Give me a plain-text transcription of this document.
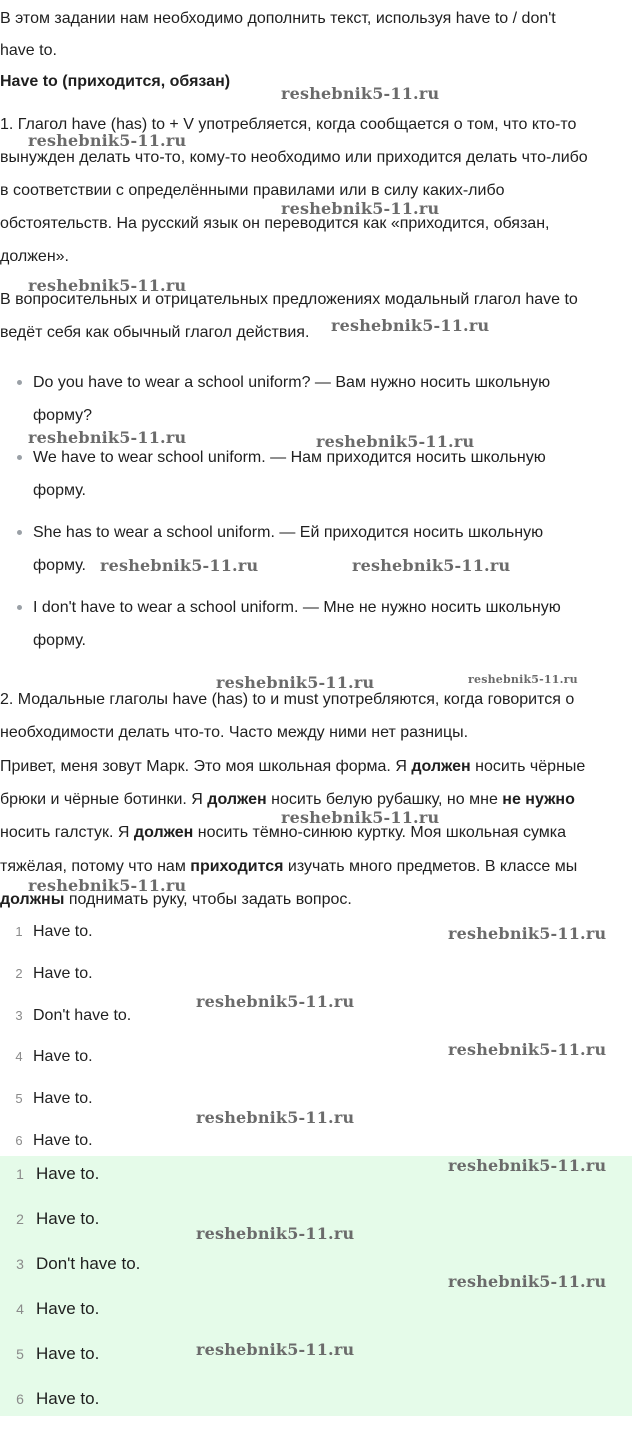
В этом задании нам необходимо дополнить текст, используя have to / don't
have to.
Have to (приходится, обязан)
1. Глагол have (has) to + V употребляется, когда сообщается о том, что кто-то
вынужден делать что-то, кому-то необходимо или приходится делать что-либо
в соответствии с определёнными правилами или в силу каких-либо
обстоятельств. На русский язык он переводится как «приходится, обязан,
должен».
В вопросительных и отрицательных предложениях модальный глагол have to
ведёт себя как обычный глагол действия.
Do you have to wear a school uniform? — Вам нужно носить школьную
форму?
We have to wear school uniform. — Нам приходится носить школьную
форму.
She has to wear a school uniform. — Ей приходится носить школьную
форму.
I don't have to wear a school uniform. — Мне не нужно носить школьную
форму.
2. Модальные глаголы have (has) to и must употребляются, когда говорится о
необходимости делать что-то. Часто между ними нет разницы.
Привет, меня зовут Марк. Это моя школьная форма. Я должен носить чёрные
брюки и чёрные ботинки. Я должен носить белую рубашку, но мне не нужно
носить галстук. Я должен носить тёмно-синюю куртку. Моя школьная сумка
тяжёлая, потому что нам приходится изучать много предметов. В классе мы
должны поднимать руку, чтобы задать вопрос.
1 Have to.
2 Have to.
3 Don't have to.
4 Have to.
5 Have to.
6 Have to.
1 Have to.
2 Have to.
3 Don't have to.
4 Have to.
5 Have to.
6 Have to.
reshebnik5-11.ru
reshebnik5-11.ru
reshebnik5-11.ru
reshebnik5-11.ru
reshebnik5-11.ru
reshebnik5-11.ru	reshebnik5-11.ru
reshebnik5-11.ru	reshebnik5-11.ru
reshebnik5-11.ru	reshebnik5-11.ru
reshebnik5-11.ru
reshebnik5-11.ru
reshebnik5-11.ru
reshebnik5-11.ru
reshebnik5-11.ru
reshebnik5-11.ru
reshebnik5-11.ru
reshebnik5-11.ru
reshebnik5-11.ru
reshebnik5-11.ru
